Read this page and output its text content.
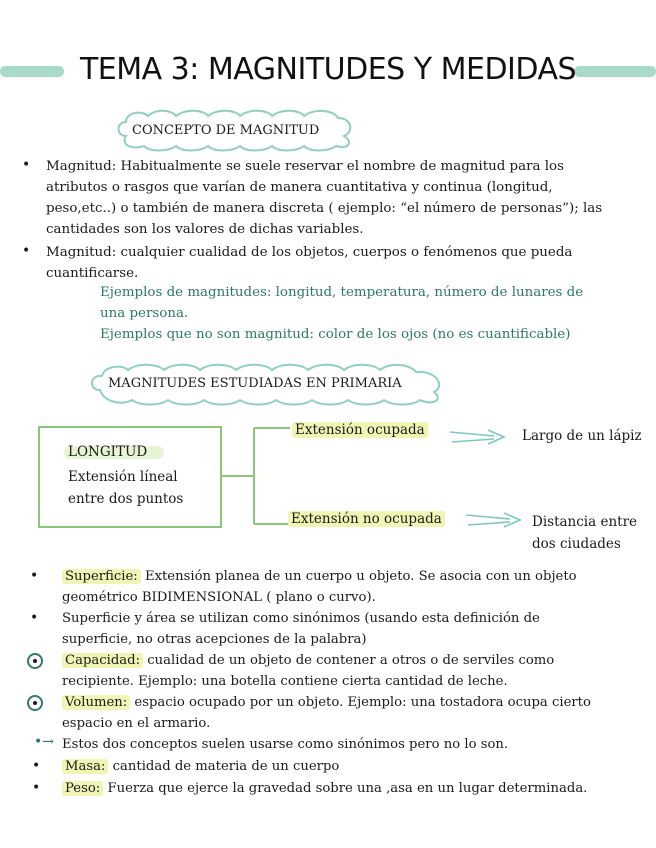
TEMA 3: MAGNITUDES Y MEDIDAS
CONCEPTO DE MAGNITUD
• Magnitud: Habitualmente se suele reservar el nombre de magnitud para los
atributos o rasgos que varían de manera cuantitativa y continua (longitud,
peso,etc..) o también de manera discreta ( ejemplo: “el número de personas”); las
cantidades son los valores de dichas variables.
• Magnitud: cualquier cualidad de los objetos, cuerpos o fenómenos que pueda
cuantificarse.
Ejemplos de magnitudes: longitud, temperatura, número de lunares de
una persona.
Ejemplos que no son magnitud: color de los ojos (no es cuantificable)
MAGNITUDES ESTUDIADAS EN PRIMARIA
LONGITUD
Extensión líneal
entre dos puntos
Extensión ocupada	Largo de un lápiz
Extensión no ocupada	Distancia entre
dos ciudades
• Superficie: Extensión planea de un cuerpo u objeto. Se asocia con un objeto
geométrico BIDIMENSIONAL ( plano o curvo).
• Superficie y área se utilizan como sinónimos (usando esta definición de
superficie, no otras acepciones de la palabra)
Capacidad: cualidad de un objeto de contener a otros o de serviles como
recipiente. Ejemplo: una botella contiene cierta cantidad de leche.
Volumen: espacio ocupado por un objeto. Ejemplo: una tostadora ocupa cierto
espacio en el armario.
•→ Estos dos conceptos suelen usarse como sinónimos pero no lo son.
• Masa: cantidad de materia de un cuerpo
• Peso: Fuerza que ejerce la gravedad sobre una ,asa en un lugar determinada.
